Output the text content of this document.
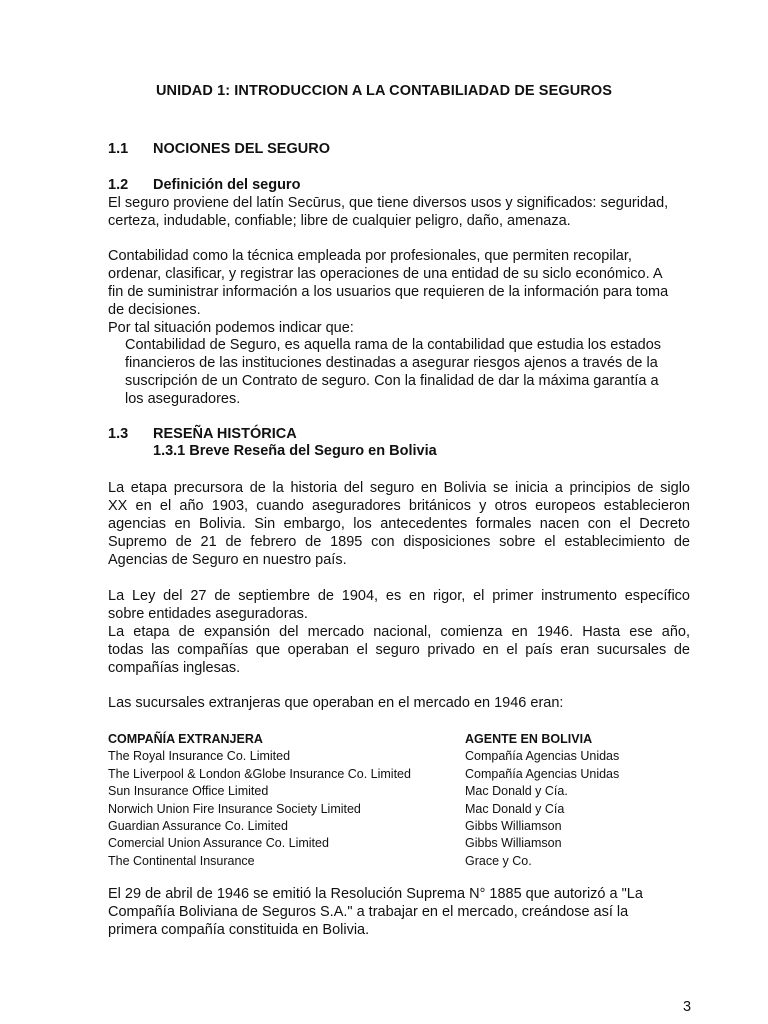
UNIDAD 1: INTRODUCCION A LA CONTABILIADAD DE SEGUROS
1.1 NOCIONES DEL SEGURO
1.2 Definición del seguro
El seguro proviene del latín Secūrus, que tiene diversos usos y significados: seguridad,
certeza, indudable, confiable; libre de cualquier peligro, daño, amenaza.
Contabilidad como la técnica empleada por profesionales, que permiten recopilar,
ordenar, clasificar, y registrar las operaciones de una entidad de su siclo económico. A
fin de suministrar información a los usuarios que requieren de la información para toma
de decisiones.
Por tal situación podemos indicar que:
Contabilidad de Seguro, es aquella rama de la contabilidad que estudia los estados
financieros de las instituciones destinadas a asegurar riesgos ajenos a través de la
suscripción de un Contrato de seguro. Con la finalidad de dar la máxima garantía a
los aseguradores.
1.3 RESEÑA HISTÓRICA
1.3.1 Breve Reseña del Seguro en Bolivia
La etapa precursora de la historia del seguro en Bolivia se inicia a principios de siglo
XX en el año 1903, cuando aseguradores británicos y otros europeos establecieron
agencias en Bolivia. Sin embargo, los antecedentes formales nacen con el Decreto
Supremo de 21 de febrero de 1895 con disposiciones sobre el establecimiento de
Agencias de Seguro en nuestro país.
La Ley del 27 de septiembre de 1904, es en rigor, el primer instrumento específico
sobre entidades aseguradoras.
La etapa de expansión del mercado nacional, comienza en 1946. Hasta ese año,
todas las compañías que operaban el seguro privado en el país eran sucursales de
compañías inglesas.
Las sucursales extranjeras que operaban en el mercado en 1946 eran:
COMPAÑÍA EXTRANJERA	AGENTE EN BOLIVIA
The Royal Insurance Co. Limited	Compañía Agencias Unidas
The Liverpool & London &Globe Insurance Co. Limited	Compañía Agencias Unidas
Sun Insurance Office Limited	Mac Donald y Cía.
Norwich Union Fire Insurance Society Limited	Mac Donald y Cía
Guardian Assurance Co. Limited	Gibbs Williamson
Comercial Union Assurance Co. Limited	Gibbs Williamson
The Continental Insurance	Grace y Co.
El 29 de abril de 1946 se emitió la Resolución Suprema N° 1885 que autorizó a "La
Compañía Boliviana de Seguros S.A." a trabajar en el mercado, creándose así la
primera compañía constituida en Bolivia.
3
